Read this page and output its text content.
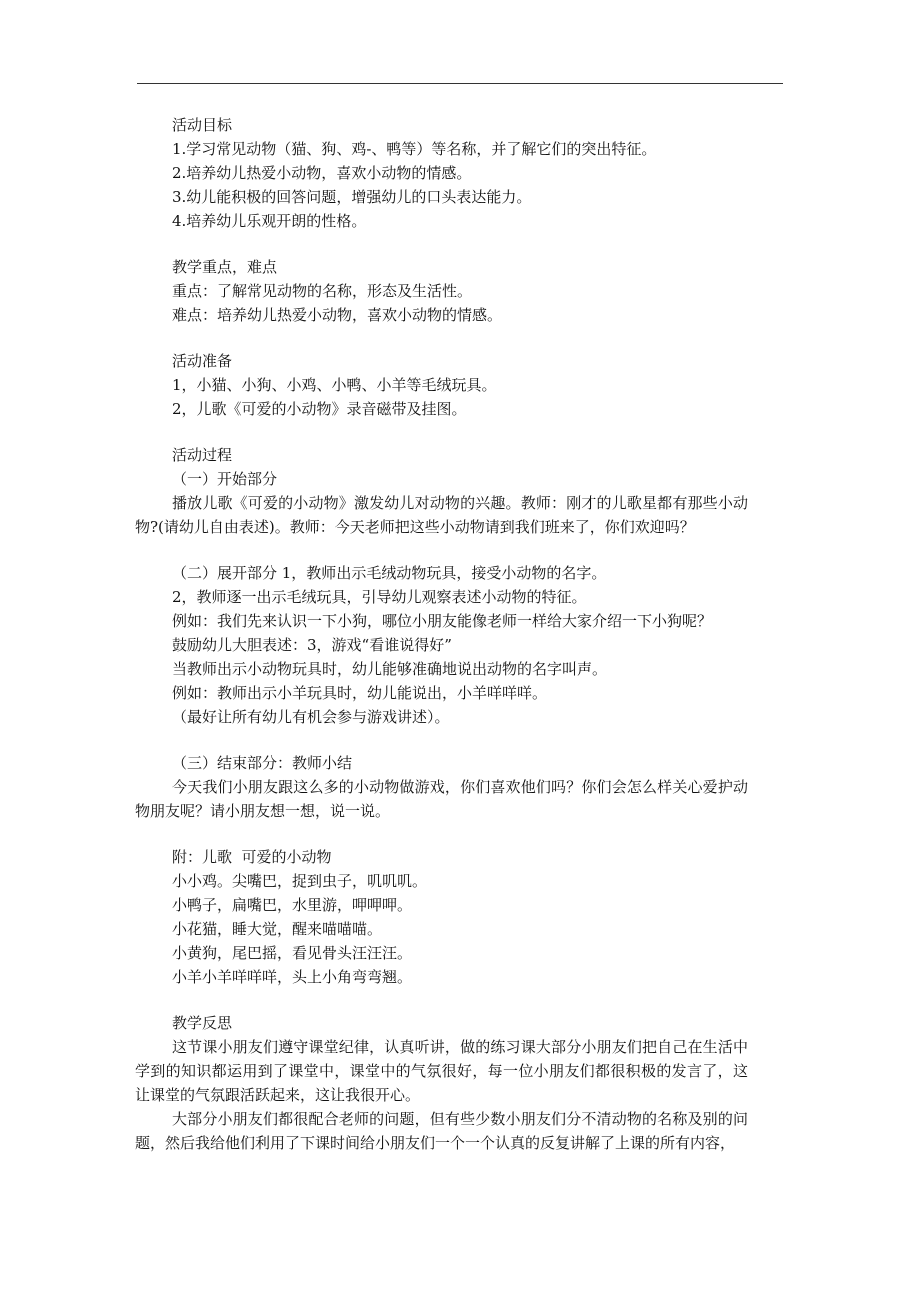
活动目标

1.学习常见动物（猫、狗、鸡-、鸭等）等名称，并了解它们的突出特征。

2.培养幼儿热爱小动物，喜欢小动物的情感。

3.幼儿能积极的回答问题，增强幼儿的口头表达能力。

4.培养幼儿乐观开朗的性格。

教学重点，难点

重点：了解常见动物的名称，形态及生活性。

难点：培养幼儿热爱小动物，喜欢小动物的情感。

活动准备

1，小猫、小狗、小鸡、小鸭、小羊等毛绒玩具。

2，儿歌《可爱的小动物》录音磁带及挂图。

活动过程

（一）开始部分

播放儿歌《可爱的小动物》激发幼儿对动物的兴趣。教师：刚才的儿歌星都有那些小动物?(请幼儿自由表述)。教师：今天老师把这些小动物请到我们班来了，你们欢迎吗？

（二）展开部分 1，教师出示毛绒动物玩具，接受小动物的名字。

2，教师逐一出示毛绒玩具，引导幼儿观察表述小动物的特征。

例如：我们先来认识一下小狗，哪位小朋友能像老师一样给大家介绍一下小狗呢？

鼓励幼儿大胆表述：3，游戏“看谁说得好”

当教师出示小动物玩具时，幼儿能够准确地说出动物的名字叫声。

例如：教师出示小羊玩具时，幼儿能说出，小羊咩咩咩。

（最好让所有幼儿有机会参与游戏讲述）。

（三）结束部分：教师小结

今天我们小朋友跟这么多的小动物做游戏，你们喜欢他们吗？你们会怎么样关心爱护动物朋友呢？请小朋友想一想，说一说。

附：儿歌  可爱的小动物

小小鸡。尖嘴巴，捉到虫子，叽叽叽。

小鸭子，扁嘴巴，水里游，呷呷呷。

小花猫，睡大觉，醒来喵喵喵。

小黄狗，尾巴摇，看见骨头汪汪汪。

小羊小羊咩咩咩，头上小角弯弯翘。

教学反思

这节课小朋友们遵守课堂纪律，认真听讲，做的练习课大部分小朋友们把自己在生活中学到的知识都运用到了课堂中，课堂中的气氛很好，每一位小朋友们都很积极的发言了，这让课堂的气氛跟活跃起来，这让我很开心。

大部分小朋友们都很配合老师的问题，但有些少数小朋友们分不清动物的名称及别的问题，然后我给他们利用了下课时间给小朋友们一个一个认真的反复讲解了上课的所有内容，
